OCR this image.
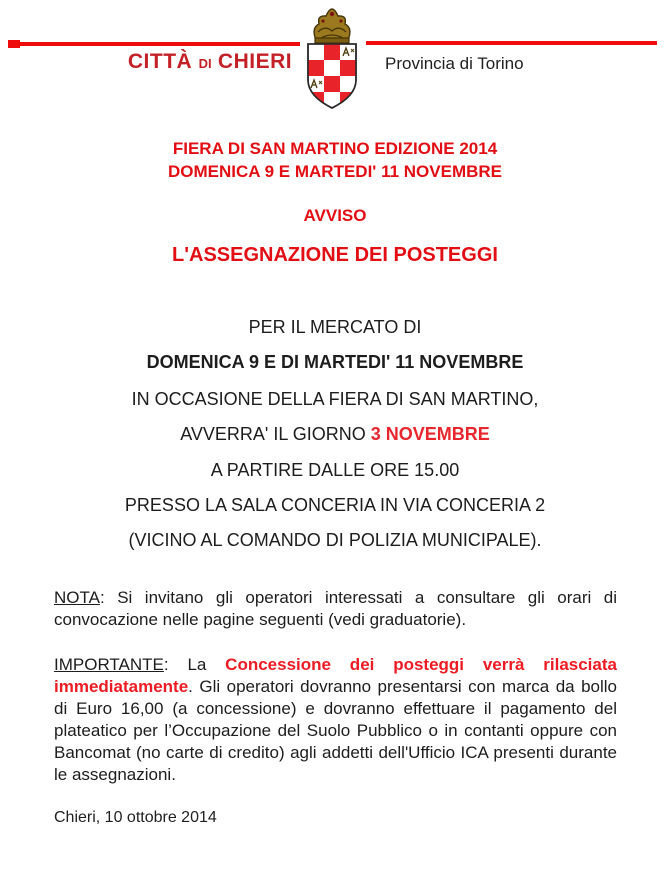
CITTÀ DI CHIERI	Provincia di Torino
FIERA DI SAN MARTINO EDIZIONE 2014
DOMENICA 9 E MARTEDI' 11 NOVEMBRE
AVVISO
L'ASSEGNAZIONE DEI POSTEGGI
PER IL MERCATO DI
DOMENICA 9 E DI MARTEDI' 11 NOVEMBRE
IN OCCASIONE DELLA FIERA DI SAN MARTINO,
AVVERRA' IL GIORNO 3 NOVEMBRE
A PARTIRE DALLE ORE 15.00
PRESSO LA SALA CONCERIA IN VIA CONCERIA 2
(VICINO AL COMANDO DI POLIZIA MUNICIPALE).
NOTA: Si invitano gli operatori interessati a consultare gli orari di convocazione nelle pagine seguenti (vedi graduatorie).
IMPORTANTE: La Concessione dei posteggi verrà rilasciata immediatamente. Gli operatori dovranno presentarsi con marca da bollo di Euro 16,00 (a concessione) e dovranno effettuare il pagamento del plateatico per l’Occupazione del Suolo Pubblico o in contanti oppure con Bancomat (no carte di credito) agli addetti dell'Ufficio ICA presenti durante le assegnazioni.
Chieri, 10 ottobre 2014
